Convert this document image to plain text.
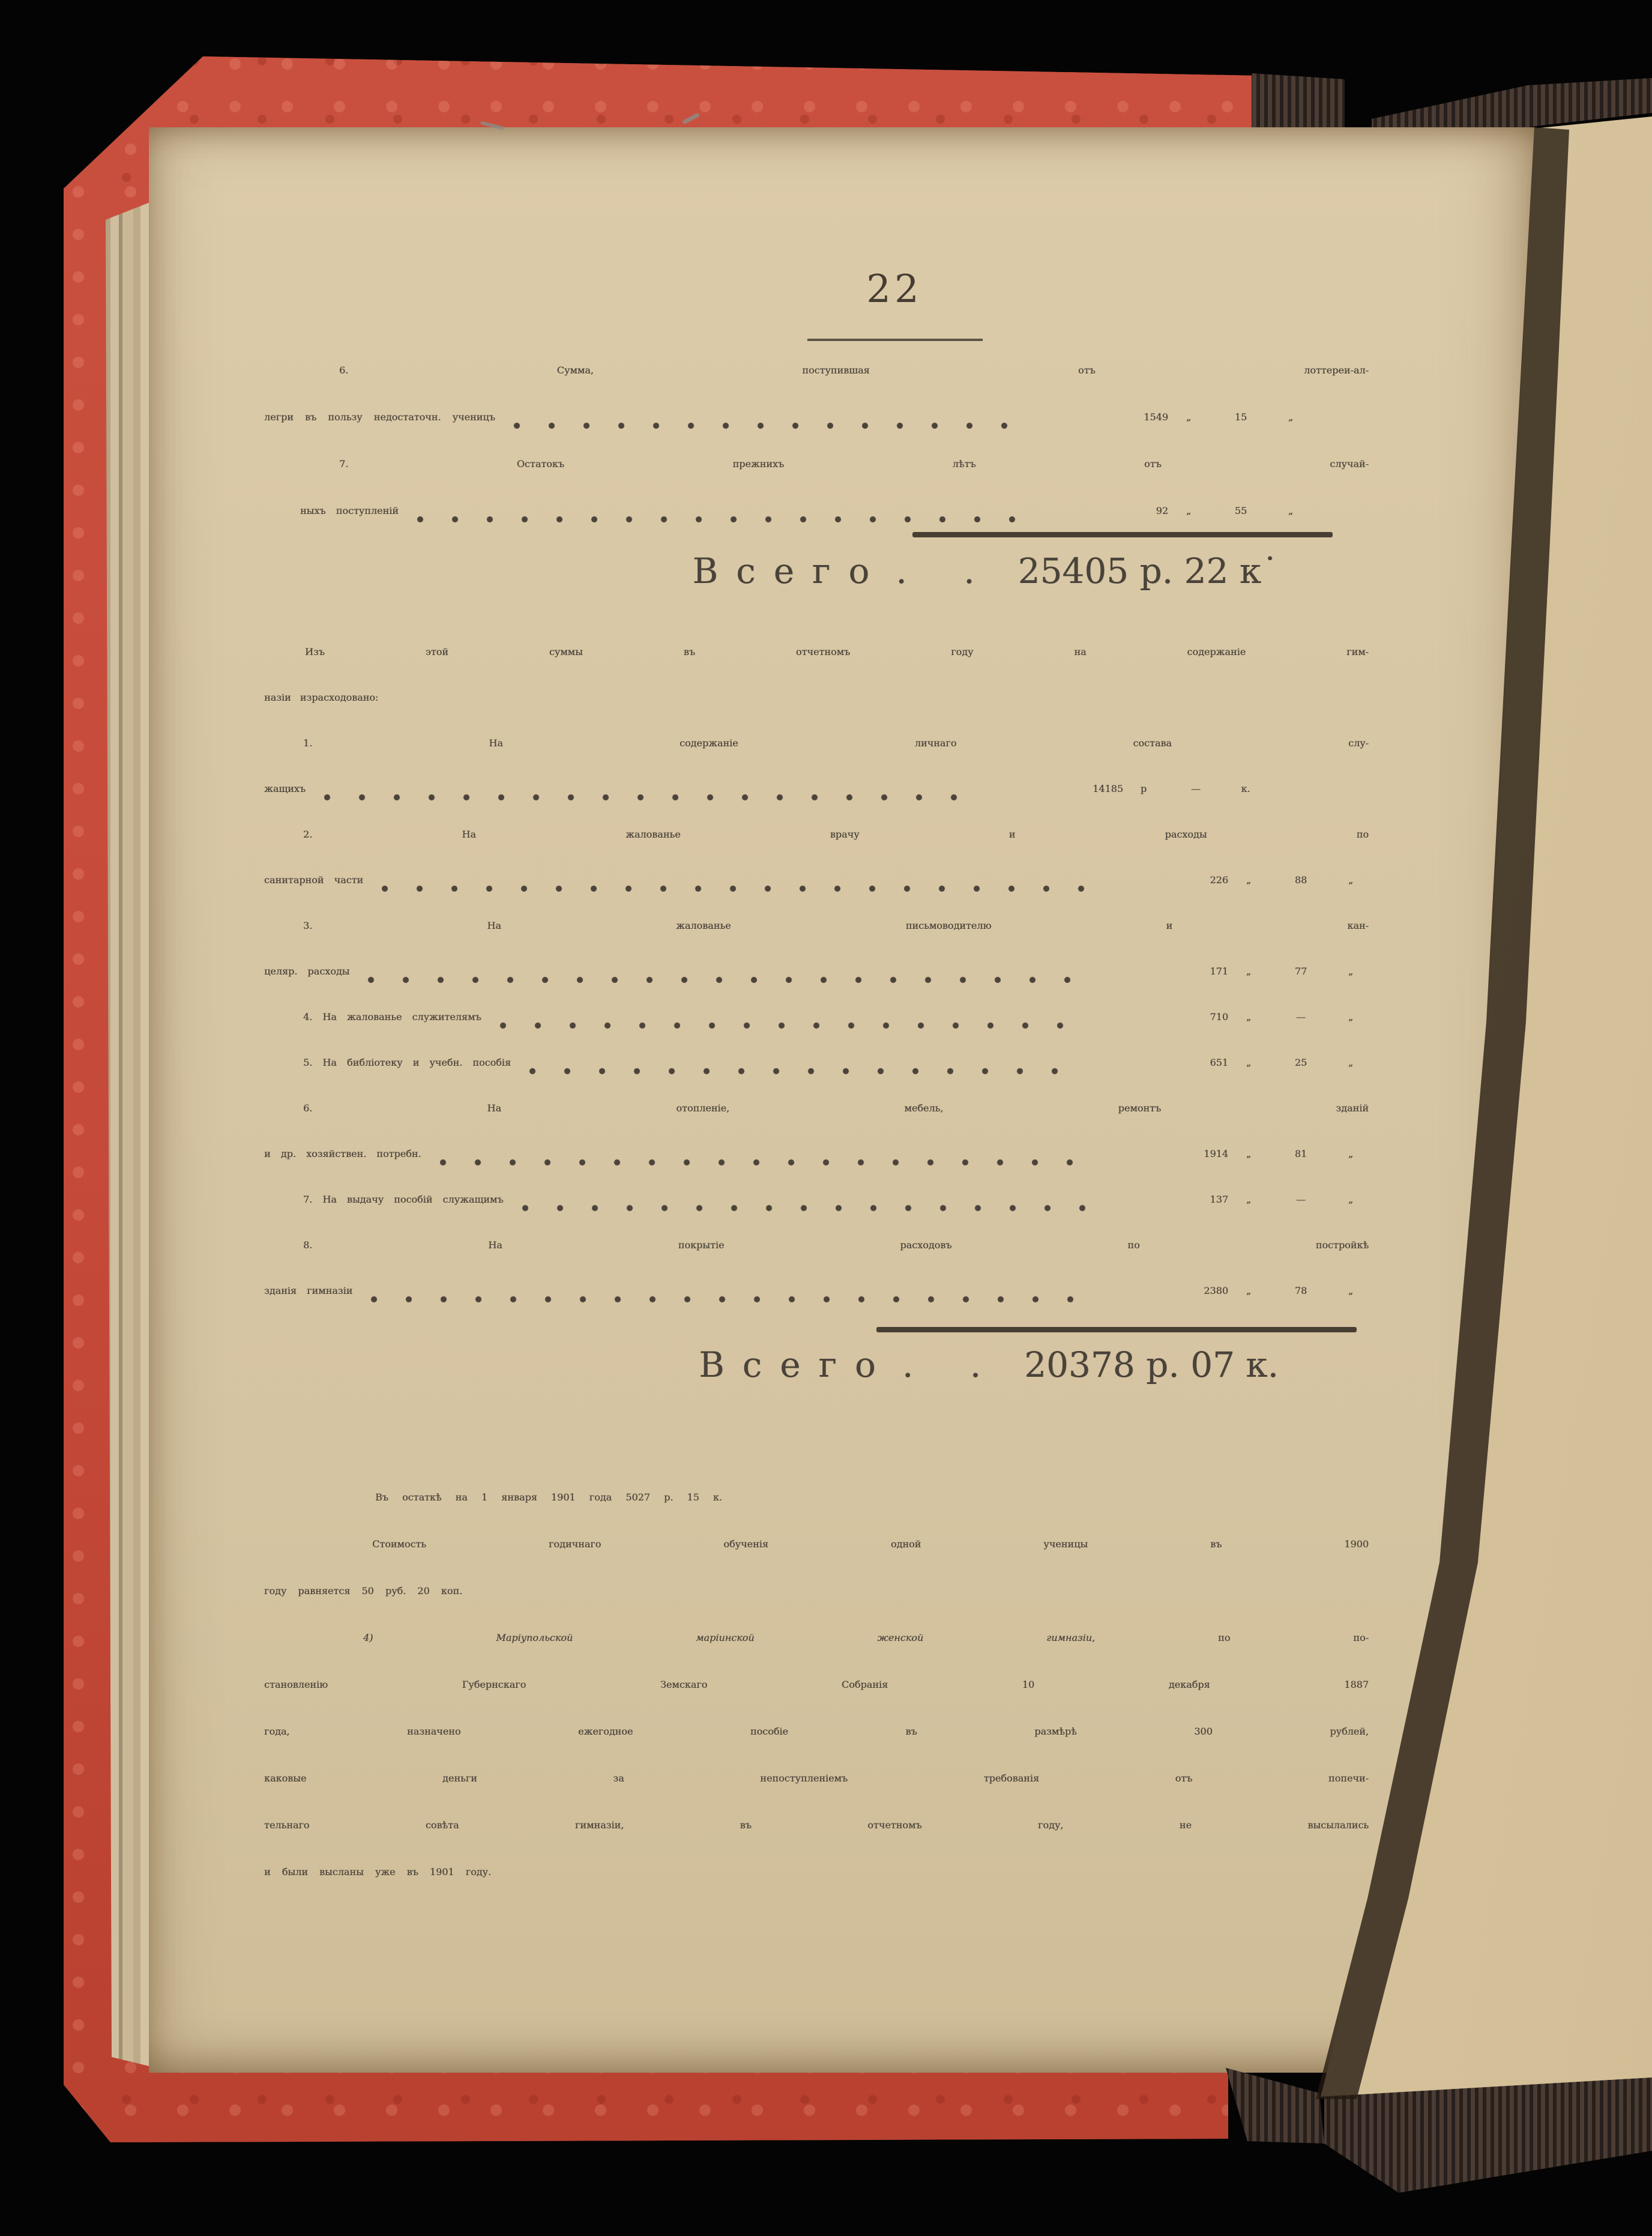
22
6. Сумма, поступившая отъ лоттереи-ал-
легри въ пользу недостаточн. ученицъ	1549	„	15	„
7. Остатокъ прежнихъ лѣтъ отъ случай-
ныхъ поступленій	92	„	55	„
Всего . . 25405 р. 22 к˙
Изъ этой суммы въ отчетномъ году на содержаніе гим-
назіи израсходовано:
1. На содержаніе личнаго состава слу-
жащихъ	14185	р	—	к.
2. На жалованье врачу и расходы по
санитарной части	226	„	88	„
3. На жалованье письмоводителю и кан-
целяр. расходы	171	„	77	„
4. На жалованье служителямъ	710	„	—	„
5. На библіотеку и учебн. пособія	651	„	25	„
6. На отопленіе, мебель, ремонтъ зданій
и др. хозяйствен. потребн.	1914	„	81	„
7. На выдачу пособій служащимъ	137	„	—	„
8. На покрытіе расходовъ по постройкѣ
зданія гимназіи	2380	„	78	„
Всего . . 20378 р. 07 к.
Въ остаткѣ на 1 января 1901 года 5027 р. 15 к.
Стоимость годичнаго обученія одной ученицы въ 1900
году равняется 50 руб. 20 коп.
4) Маріупольской маріинской женской гимназіи, по по-
становленію Губернскаго Земскаго Собранія 10 декабря 1887
года, назначено ежегодное пособіе въ размѣрѣ 300 рублей,
каковые деньги за непоступленіемъ требованія отъ попечи-
тельнаго совѣта гимназіи, въ отчетномъ году, не высылались
и были высланы уже въ 1901 году.
